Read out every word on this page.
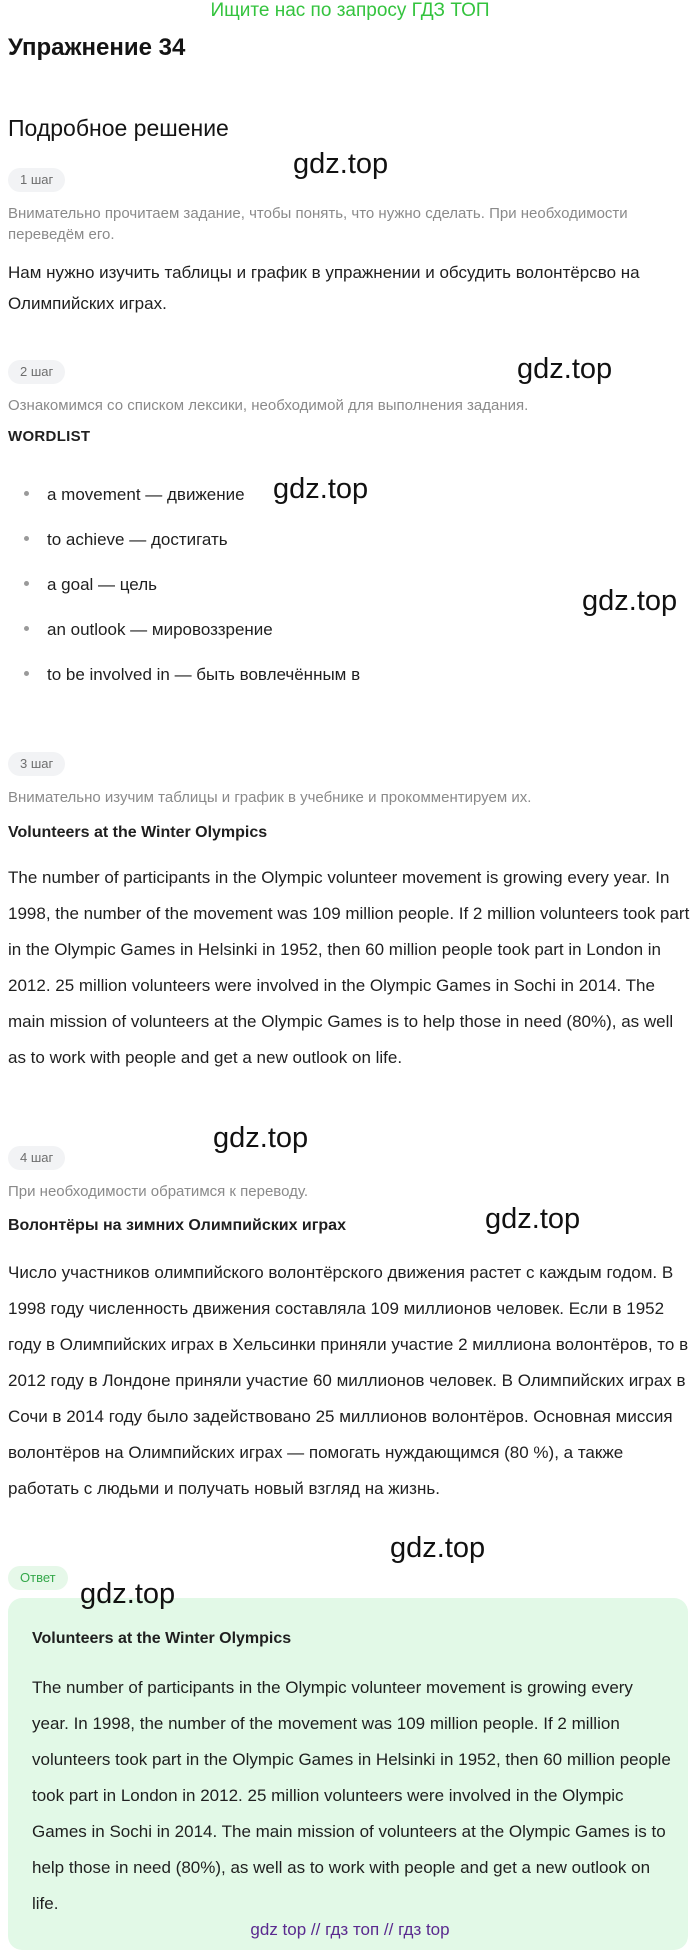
Ищите нас по запросу ГДЗ ТОП
Упражнение 34
Подробное решение
1 шаг
Внимательно прочитаем задание, чтобы понять, что нужно сделать. При необходимости переведём его.
Нам нужно изучить таблицы и график в упражнении и обсудить волонтёрсво на Олимпийских играх.
2 шаг
Ознакомимся со списком лексики, необходимой для выполнения задания.
WORDLIST
a movement — движение
to achieve — достигать
a goal — цель
an outlook — мировоззрение
to be involved in — быть вовлечённым в
3 шаг
Внимательно изучим таблицы и график в учебнике и прокомментируем их.
Volunteers at the Winter Olympics
The number of participants in the Olympic volunteer movement is growing every year. In 1998, the number of the movement was 109 million people. If 2 million volunteers took part in the Olympic Games in Helsinki in 1952, then 60 million people took part in London in 2012. 25 million volunteers were involved in the Olympic Games in Sochi in 2014. The main mission of volunteers at the Olympic Games is to help those in need (80%), as well as to work with people and get a new outlook on life.
4 шаг
При необходимости обратимся к переводу.
Волонтёры на зимних Олимпийских играх
Число участников олимпийского волонтёрского движения растет с каждым годом. В 1998 году численность движения составляла 109 миллионов человек. Если в 1952 году в Олимпийских играх в Хельсинки приняли участие 2 миллиона волонтёров, то в 2012 году в Лондоне приняли участие 60 миллионов человек. В Олимпийских играх в Сочи в 2014 году было задействовано 25 миллионов волонтёров. Основная миссия волонтёров на Олимпийских играх — помогать нуждающимся (80 %), а также работать с людьми и получать новый взгляд на жизнь.
Ответ
Volunteers at the Winter Olympics
The number of participants in the Olympic volunteer movement is growing every year. In 1998, the number of the movement was 109 million people. If 2 million volunteers took part in the Olympic Games in Helsinki in 1952, then 60 million people took part in London in 2012. 25 million volunteers were involved in the Olympic Games in Sochi in 2014. The main mission of volunteers at the Olympic Games is to help those in need (80%), as well as to work with people and get a new outlook on life.
gdz.top
gdz.top
gdz.top
gdz.top
gdz.top
gdz.top
gdz.top
gdz.top
gdz top // гдз топ // гдз top
